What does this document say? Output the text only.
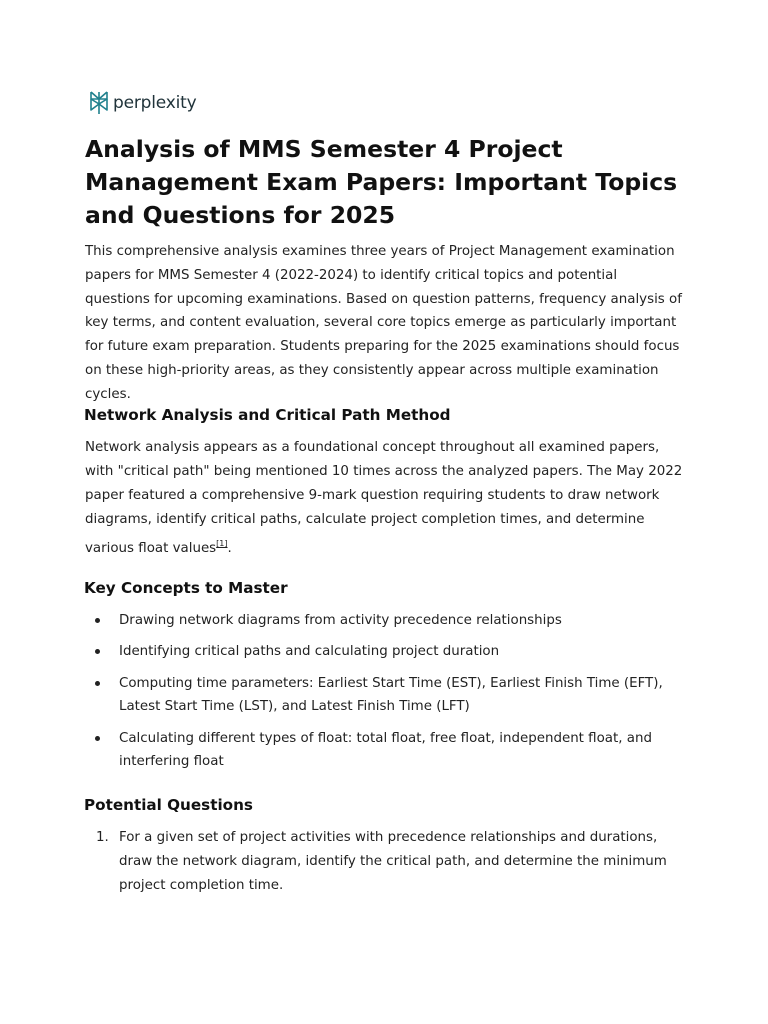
perplexity
Analysis of MMS Semester 4 Project Management Exam Papers: Important Topics and Questions for 2025

This comprehensive analysis examines three years of Project Management examination papers for MMS Semester 4 (2022-2024) to identify critical topics and potential questions for upcoming examinations. Based on question patterns, frequency analysis of key terms, and content evaluation, several core topics emerge as particularly important for future exam preparation. Students preparing for the 2025 examinations should focus on these high-priority areas, as they consistently appear across multiple examination cycles.

Network Analysis and Critical Path Method

Network analysis appears as a foundational concept throughout all examined papers, with "critical path" being mentioned 10 times across the analyzed papers. The May 2022 paper featured a comprehensive 9-mark question requiring students to draw network diagrams, identify critical paths, calculate project completion times, and determine various float values[1].

Key Concepts to Master
Drawing network diagrams from activity precedence relationships
Identifying critical paths and calculating project duration
Computing time parameters: Earliest Start Time (EST), Earliest Finish Time (EFT), Latest Start Time (LST), and Latest Finish Time (LFT)
Calculating different types of float: total float, free float, independent float, and interfering float
Potential Questions
1. For a given set of project activities with precedence relationships and durations, draw the network diagram, identify the critical path, and determine the minimum project completion time.
